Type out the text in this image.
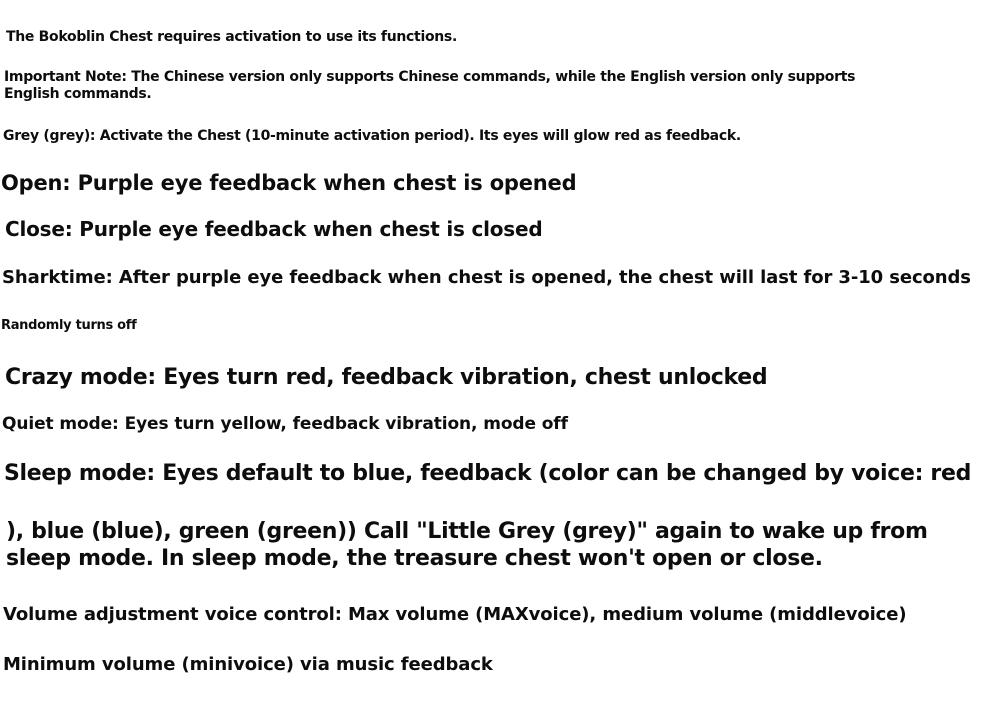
The Bokoblin Chest requires activation to use its functions.
Important Note: The Chinese version only supports Chinese commands, while the English version only supports
English commands.
Grey (grey): Activate the Chest (10-minute activation period). Its eyes will glow red as feedback.
Open: Purple eye feedback when chest is opened
Close: Purple eye feedback when chest is closed
Sharktime: After purple eye feedback when chest is opened, the chest will last for 3-10 seconds
Randomly turns off
Crazy mode: Eyes turn red, feedback vibration, chest unlocked
Quiet mode: Eyes turn yellow, feedback vibration, mode off
Sleep mode: Eyes default to blue, feedback (color can be changed by voice: red
), blue (blue), green (green)) Call "Little Grey (grey)" again to wake up from
sleep mode. In sleep mode, the treasure chest won't open or close.
Volume adjustment voice control: Max volume (MAXvoice), medium volume (middlevoice)
Minimum volume (minivoice) via music feedback
